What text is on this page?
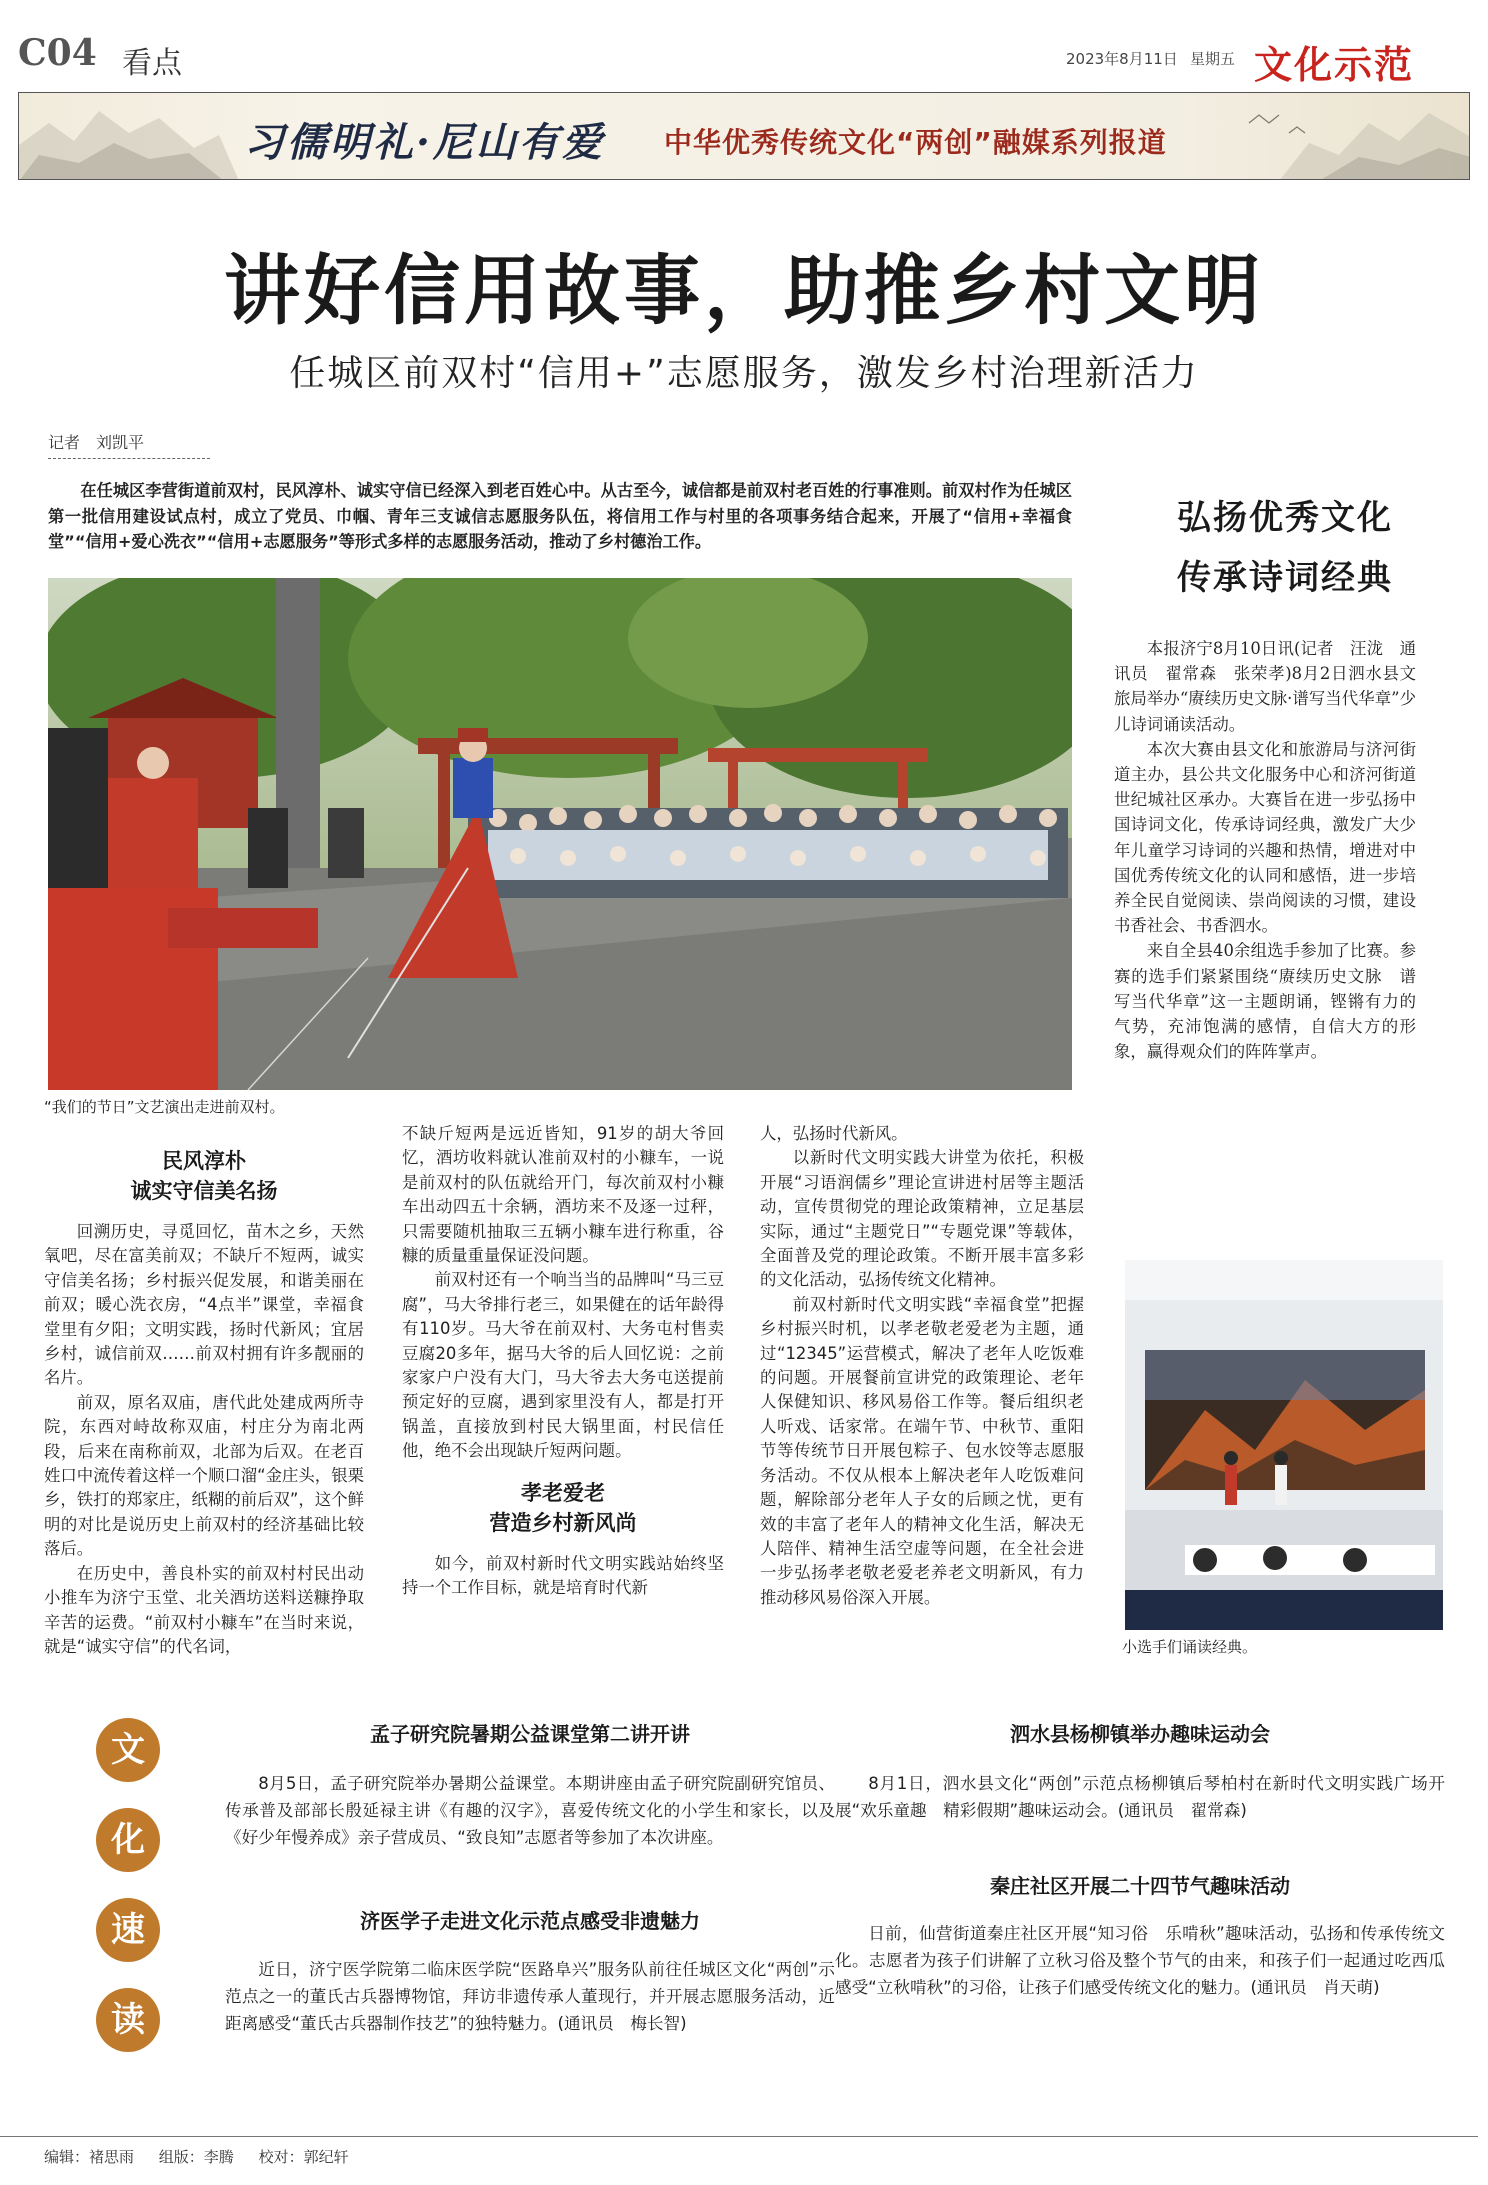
C04 看点	2023年8月11日 星期五 文化示范
习儒明礼·尼山有爱 中华优秀传统文化“两创”融媒系列报道
讲好信用故事，助推乡村文明
任城区前双村“信用+”志愿服务，激发乡村治理新活力
记者　刘凯平
在任城区李营街道前双村，民风淳朴、诚实守信已经深入到老百姓心中。从古至今，诚信都是前双村老百姓的行事准则。前双村作为任城区第一批信用建设试点村，成立了党员、巾帼、青年三支诚信志愿服务队伍，将信用工作与村里的各项事务结合起来，开展了“信用+幸福食堂”“信用+爱心洗衣”“信用+志愿服务”等形式多样的志愿服务活动，推动了乡村德治工作。
“我们的节日”文艺演出走进前双村。
民风淳朴
诚实守信美名扬

回溯历史，寻觅回忆，苗木之乡，天然氧吧，尽在富美前双；不缺斤不短两，诚实守信美名扬；乡村振兴促发展，和谐美丽在前双；暖心洗衣房，“4点半”课堂，幸福食堂里有夕阳；文明实践，扬时代新风；宜居乡村，诚信前双……前双村拥有许多靓丽的名片。

前双，原名双庙，唐代此处建成两所寺院，东西对峙故称双庙，村庄分为南北两段，后来在南称前双，北部为后双。在老百姓口中流传着这样一个顺口溜“金庄头，银栗乡，铁打的郑家庄，纸糊的前后双”，这个鲜明的对比是说历史上前双村的经济基础比较落后。

在历史中，善良朴实的前双村村民出动小推车为济宁玉堂、北关酒坊送料送糠挣取辛苦的运费。“前双村小糠车”在当时来说，就是“诚实守信”的代名词，

不缺斤短两是远近皆知，91岁的胡大爷回忆，酒坊收料就认准前双村的小糠车，一说是前双村的队伍就给开门，每次前双村小糠车出动四五十余辆，酒坊来不及逐一过秤，只需要随机抽取三五辆小糠车进行称重，谷糠的质量重量保证没问题。

前双村还有一个响当当的品牌叫“马三豆腐”，马大爷排行老三，如果健在的话年龄得有110岁。马大爷在前双村、大务屯村售卖豆腐20多年，据马大爷的后人回忆说：之前家家户户没有大门，马大爷去大务屯送提前预定好的豆腐，遇到家里没有人，都是打开锅盖，直接放到村民大锅里面，村民信任他，绝不会出现缺斤短两问题。

孝老爱老
营造乡村新风尚

如今，前双村新时代文明实践站始终坚持一个工作目标，就是培育时代新

人，弘扬时代新风。

以新时代文明实践大讲堂为依托，积极开展“习语润儒乡”理论宣讲进村居等主题活动，宣传贯彻党的理论政策精神，立足基层实际，通过“主题党日”“专题党课”等载体，全面普及党的理论政策。不断开展丰富多彩的文化活动，弘扬传统文化精神。

前双村新时代文明实践“幸福食堂”把握乡村振兴时机，以孝老敬老爱老为主题，通过“12345”运营模式，解决了老年人吃饭难的问题。开展餐前宣讲党的政策理论、老年人保健知识、移风易俗工作等。餐后组织老人听戏、话家常。在端午节、中秋节、重阳节等传统节日开展包粽子、包水饺等志愿服务活动。不仅从根本上解决老年人吃饭难问题，解除部分老年人子女的后顾之忧，更有效的丰富了老年人的精神文化生活，解决无人陪伴、精神生活空虚等问题，在全社会进一步弘扬孝老敬老爱老养老文明新风，有力推动移风易俗深入开展。

弘扬优秀文化
传承诗词经典

本报济宁8月10日讯(记者　汪泷　通讯员　翟常森　张荣孝)8月2日泗水县文旅局举办“赓续历史文脉·谱写当代华章”少儿诗词诵读活动。

本次大赛由县文化和旅游局与济河街道主办，县公共文化服务中心和济河街道世纪城社区承办。大赛旨在进一步弘扬中国诗词文化，传承诗词经典，激发广大少年儿童学习诗词的兴趣和热情，增进对中国优秀传统文化的认同和感悟，进一步培养全民自觉阅读、崇尚阅读的习惯，建设书香社会、书香泗水。

来自全县40余组选手参加了比赛。参赛的选手们紧紧围绕“赓续历史文脉　谱写当代华章”这一主题朗诵，铿锵有力的气势，充沛饱满的感情，自信大方的形象，赢得观众们的阵阵掌声。

小选手们诵读经典。
文
化
速
读
孟子研究院暑期公益课堂第二讲开讲
8月5日，孟子研究院举办暑期公益课堂。本期讲座由孟子研究院副研究馆员、传承普及部部长殷延禄主讲《有趣的汉字》，喜爱传统文化的小学生和家长，以及《好少年慢养成》亲子营成员、“致良知”志愿者等参加了本次讲座。
济医学子走进文化示范点感受非遗魅力
近日，济宁医学院第二临床医学院“医路阜兴”服务队前往任城区文化“两创”示范点之一的董氏古兵器博物馆，拜访非遗传承人董现行，并开展志愿服务活动，近距离感受“董氏古兵器制作技艺”的独特魅力。(通讯员　梅长智)
泗水县杨柳镇举办趣味运动会
8月1日，泗水县文化“两创”示范点杨柳镇后琴柏村在新时代文明实践广场开展“欢乐童趣　精彩假期”趣味运动会。(通讯员　翟常森)
秦庄社区开展二十四节气趣味活动
日前，仙营街道秦庄社区开展“知习俗　乐啃秋”趣味活动，弘扬和传承传统文化。志愿者为孩子们讲解了立秋习俗及整个节气的由来，和孩子们一起通过吃西瓜感受“立秋啃秋”的习俗，让孩子们感受传统文化的魅力。(通讯员　肖天萌)
编辑：褚思雨 组版：李腾 校对：郭纪轩
